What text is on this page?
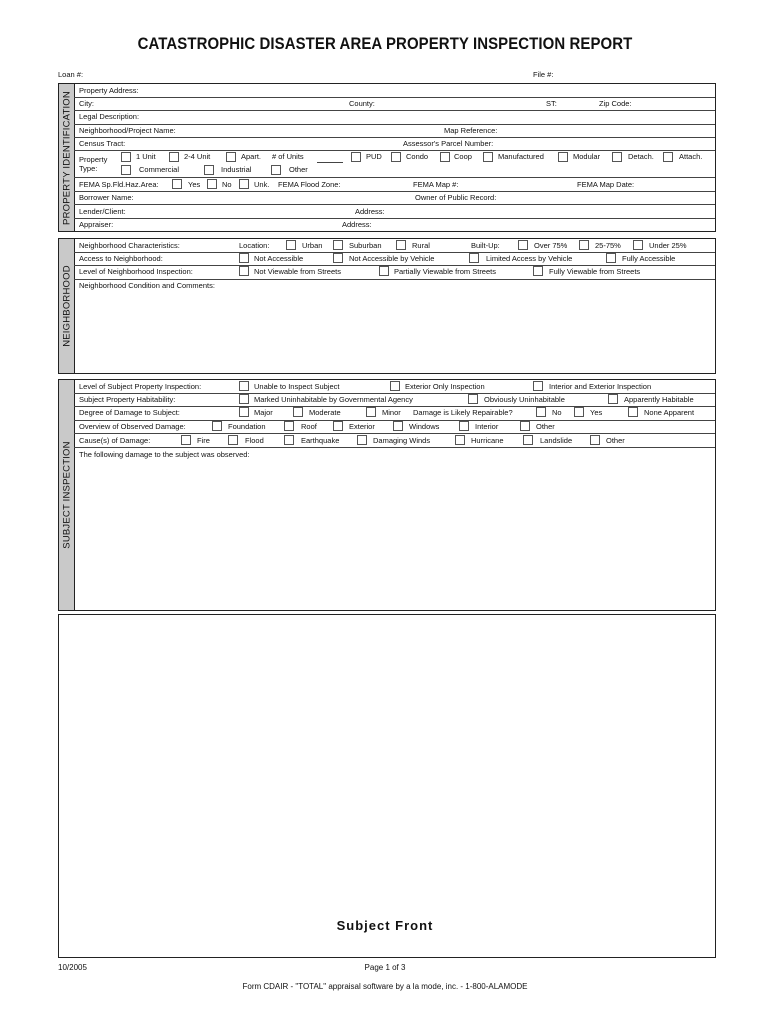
CATASTROPHIC DISASTER AREA PROPERTY INSPECTION REPORT
Loan #:	File #:
PROPERTY IDENTIFICATION
Property Address:
City:	County:	ST:	Zip Code:
Legal Description:
Neighborhood/Project Name:	Map Reference:
Census Tract:	Assessor's Parcel Number:
Property
Type:
1 Unit	2-4 Unit	Apart. # of Units	PUD	Condo	Coop	Manufactured	Modular	Detach.	Attach.
Commercial	Industrial	Other
FEMA Sp.Fld.Haz.Area:	Yes	No	Unk. FEMA Flood Zone:	FEMA Map #:	FEMA Map Date:
Borrower Name:	Owner of Public Record:
Lender/Client:	Address:
Appraiser:	Address:
NEIGHBORHOOD
Neighborhood Characteristics:	Location:	Urban	Suburban	Rural	Built-Up:	Over 75%	25-75%	Under 25%
Access to Neighborhood:	Not Accessible	Not Accessible by Vehicle	Limited Access by Vehicle	Fully Accessible
Level of Neighborhood Inspection:	Not Viewable from Streets	Partially Viewable from Streets	Fully Viewable from Streets
Neighborhood Condition and Comments:
SUBJECT INSPECTION
Level of Subject Property Inspection:	Unable to Inspect Subject	Exterior Only Inspection	Interior and Exterior Inspection
Subject Property Habitability:	Marked Uninhabitable by Governmental Agency	Obviously Uninhabitable	Apparently Habitable
Degree of Damage to Subject:	Major	Moderate	Minor Damage is Likely Repairable?	No	Yes	None Apparent
Overview of Observed Damage:	Foundation	Roof	Exterior	Windows	Interior	Other
Cause(s) of Damage:	Fire	Flood	Earthquake	Damaging Winds	Hurricane	Landslide	Other
The following damage to the subject was observed:
Subject Front
10/2005	Page 1 of 3
Form CDAIR - "TOTAL" appraisal software by a la mode, inc. - 1-800-ALAMODE
